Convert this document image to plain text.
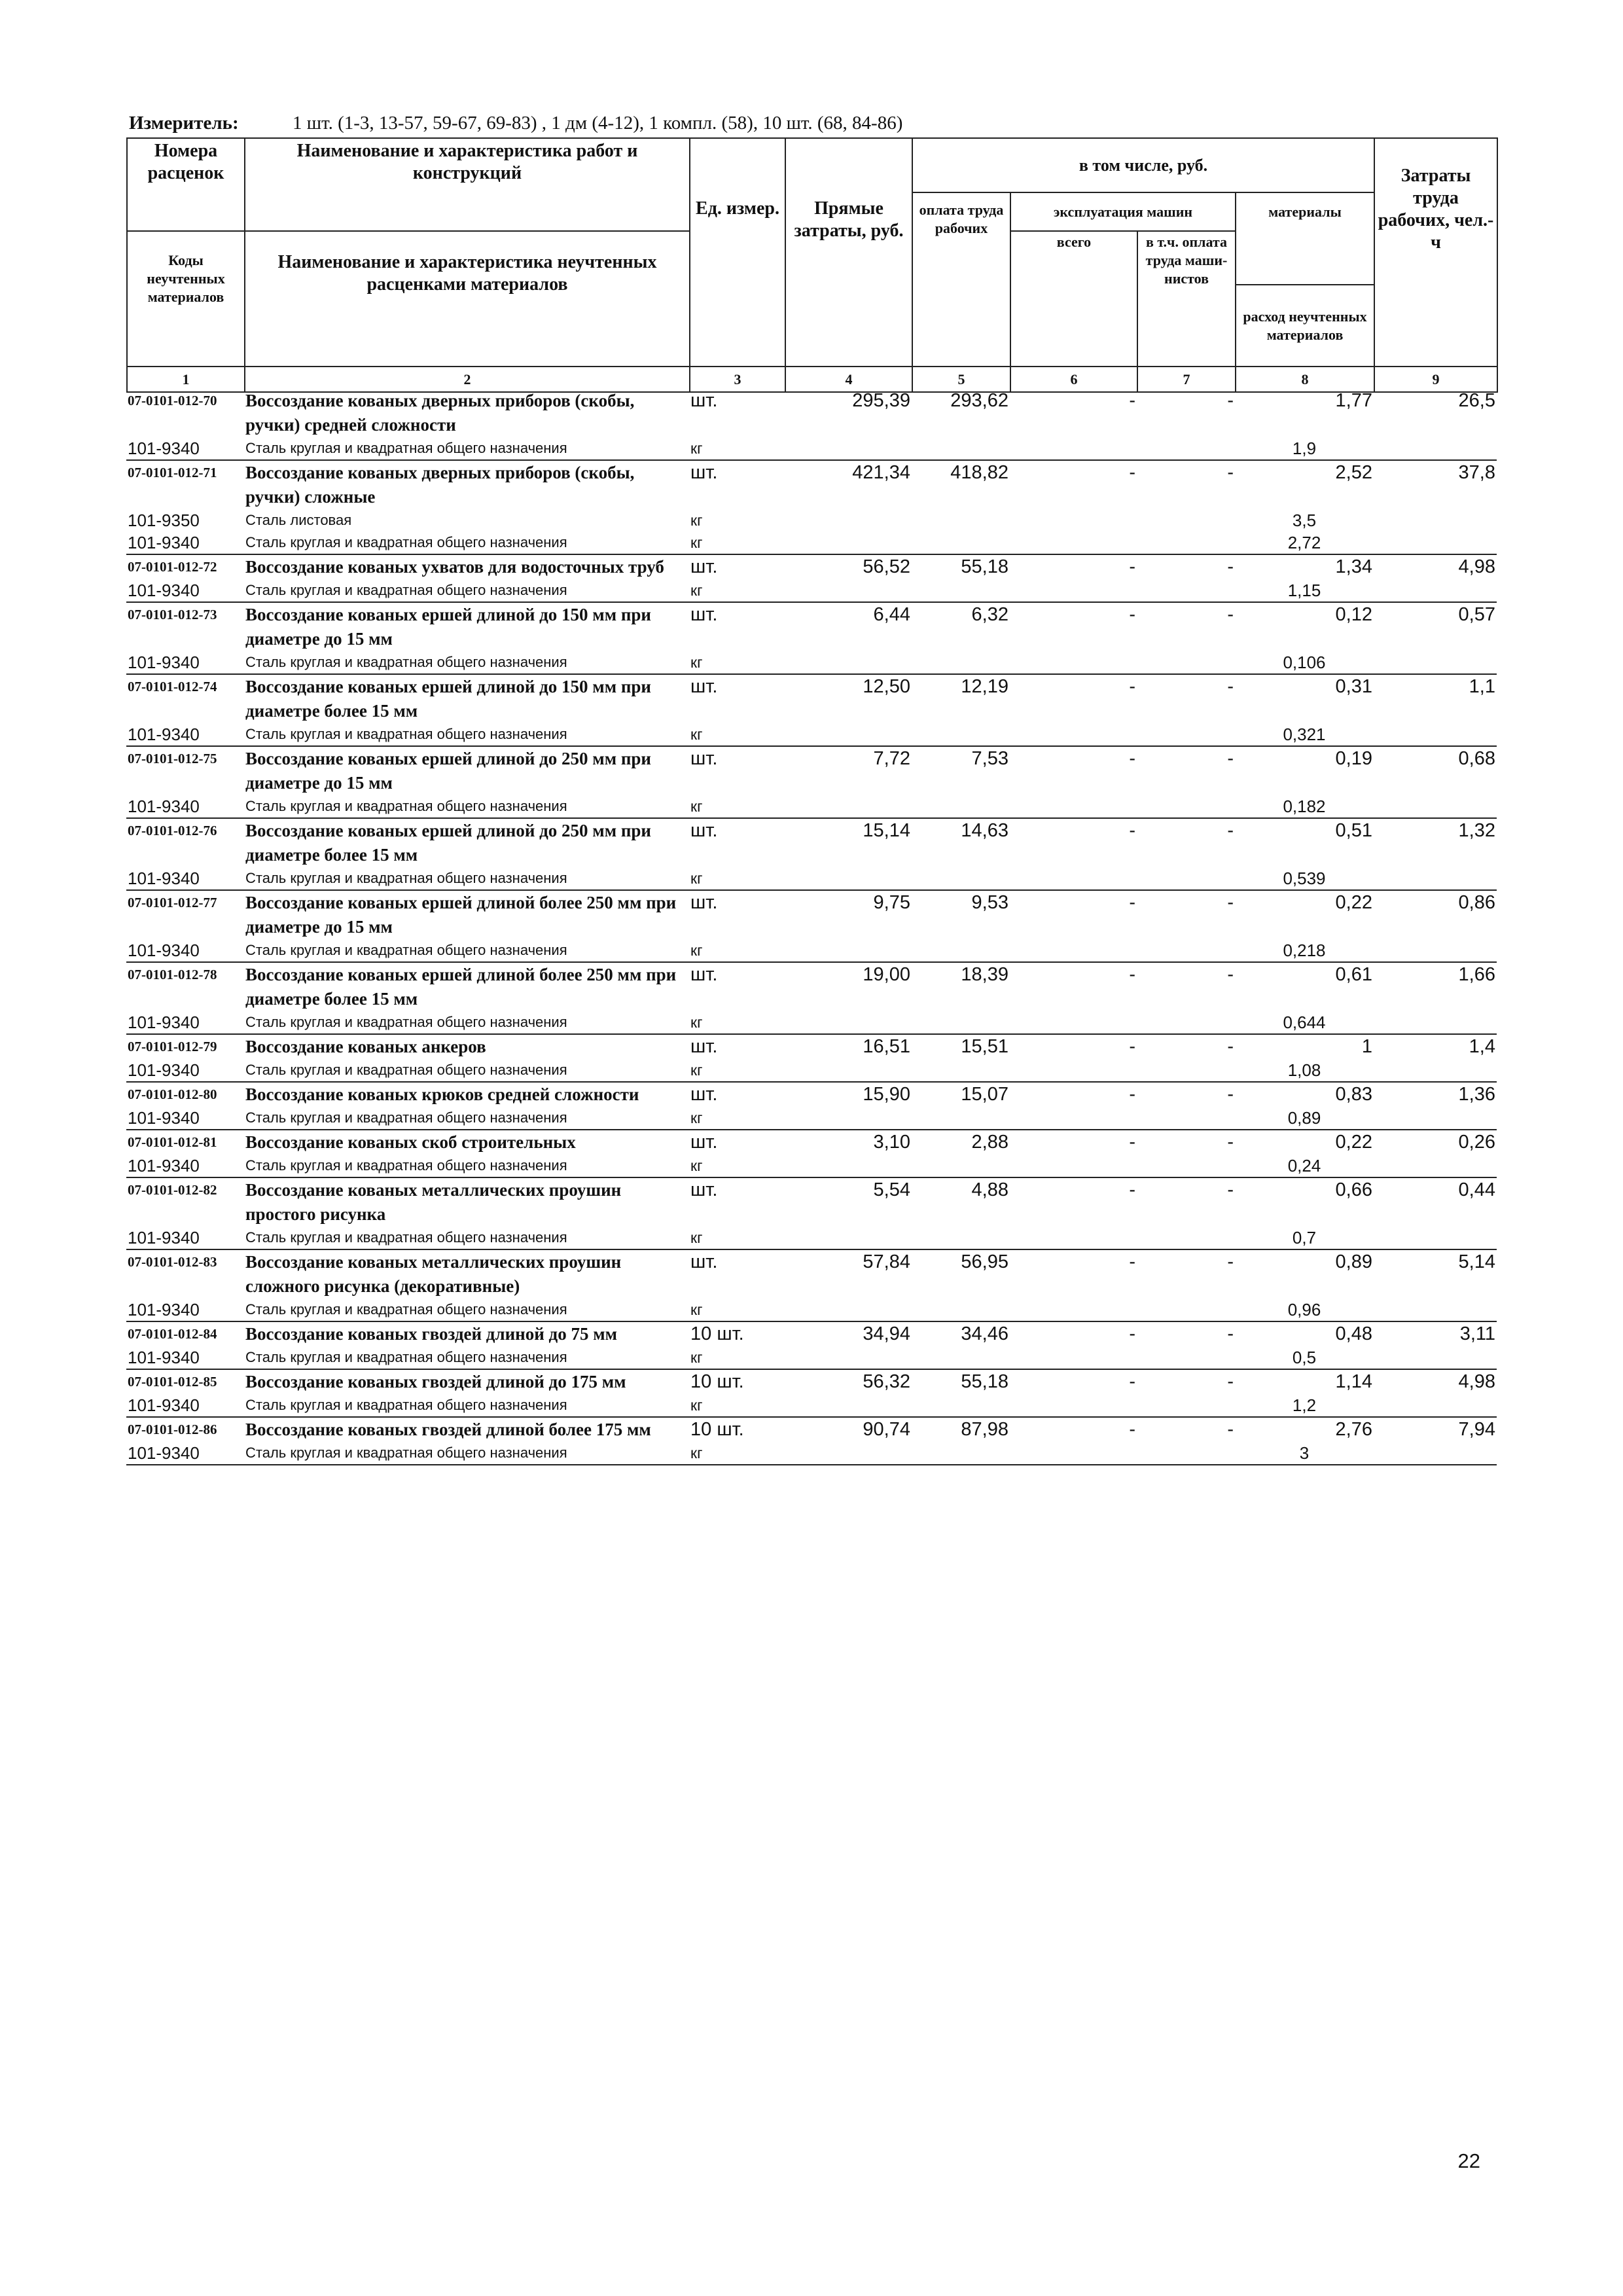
Измеритель:	1 шт. (1-3, 13-57, 59-67, 69-83) , 1 дм (4-12), 1 компл. (58), 10 шт. (68, 84-86)
Номера расценок	Наименование и характеристика работ и конструкций	Ед. измер.	Прямые затраты, руб.	в том числе, руб.				Затраты труда рабочих, чел.-ч
				оплата труда рабочих	эксплуатация машин		материалы	
Коды неучтенных материалов	Наименование и характеристика неучтенных расценками материалов				всего	в т.ч. оплата труда маши-нистов		
							расход неучтенных материалов	
1	2	3	4	5	6	7	8	9
07-0101-012-70	Воссоздание кованых дверных приборов (скобы, ручки) средней сложности	шт.	295,39	293,62	-	-	1,77	26,5
101-9340	Сталь круглая и квадратная общего назначения	кг					1,9	
07-0101-012-71	Воссоздание кованых дверных приборов (скобы, ручки) сложные	шт.	421,34	418,82	-	-	2,52	37,8
101-9350	Сталь листовая	кг					3,5	
101-9340	Сталь круглая и квадратная общего назначения	кг					2,72	
07-0101-012-72	Воссоздание кованых ухватов для водосточных труб	шт.	56,52	55,18	-	-	1,34	4,98
101-9340	Сталь круглая и квадратная общего назначения	кг					1,15	
07-0101-012-73	Воссоздание кованых ершей длиной до 150 мм при диаметре до 15 мм	шт.	6,44	6,32	-	-	0,12	0,57
101-9340	Сталь круглая и квадратная общего назначения	кг					0,106	
07-0101-012-74	Воссоздание кованых ершей длиной до 150 мм при диаметре более 15 мм	шт.	12,50	12,19	-	-	0,31	1,1
101-9340	Сталь круглая и квадратная общего назначения	кг					0,321	
07-0101-012-75	Воссоздание кованых ершей длиной до 250 мм при диаметре до 15 мм	шт.	7,72	7,53	-	-	0,19	0,68
101-9340	Сталь круглая и квадратная общего назначения	кг					0,182	
07-0101-012-76	Воссоздание кованых ершей длиной до 250 мм при диаметре более 15 мм	шт.	15,14	14,63	-	-	0,51	1,32
101-9340	Сталь круглая и квадратная общего назначения	кг					0,539	
07-0101-012-77	Воссоздание кованых ершей длиной более 250 мм при диаметре до 15 мм	шт.	9,75	9,53	-	-	0,22	0,86
101-9340	Сталь круглая и квадратная общего назначения	кг					0,218	
07-0101-012-78	Воссоздание кованых ершей длиной более 250 мм при диаметре более 15 мм	шт.	19,00	18,39	-	-	0,61	1,66
101-9340	Сталь круглая и квадратная общего назначения	кг					0,644	
07-0101-012-79	Воссоздание кованых анкеров	шт.	16,51	15,51	-	-	1	1,4
101-9340	Сталь круглая и квадратная общего назначения	кг					1,08	
07-0101-012-80	Воссоздание кованых крюков средней сложности	шт.	15,90	15,07	-	-	0,83	1,36
101-9340	Сталь круглая и квадратная общего назначения	кг					0,89	
07-0101-012-81	Воссоздание кованых скоб строительных	шт.	3,10	2,88	-	-	0,22	0,26
101-9340	Сталь круглая и квадратная общего назначения	кг					0,24	
07-0101-012-82	Воссоздание кованых металлических проушин простого рисунка	шт.	5,54	4,88	-	-	0,66	0,44
101-9340	Сталь круглая и квадратная общего назначения	кг					0,7	
07-0101-012-83	Воссоздание кованых металлических проушин сложного рисунка (декоративные)	шт.	57,84	56,95	-	-	0,89	5,14
101-9340	Сталь круглая и квадратная общего назначения	кг					0,96	
07-0101-012-84	Воссоздание кованых гвоздей длиной до 75 мм	10 шт.	34,94	34,46	-	-	0,48	3,11
101-9340	Сталь круглая и квадратная общего назначения	кг					0,5	
07-0101-012-85	Воссоздание кованых гвоздей длиной до 175 мм	10 шт.	56,32	55,18	-	-	1,14	4,98
101-9340	Сталь круглая и квадратная общего назначения	кг					1,2	
07-0101-012-86	Воссоздание кованых гвоздей длиной более 175 мм	10 шт.	90,74	87,98	-	-	2,76	7,94
101-9340	Сталь круглая и квадратная общего назначения	кг					3	
22
